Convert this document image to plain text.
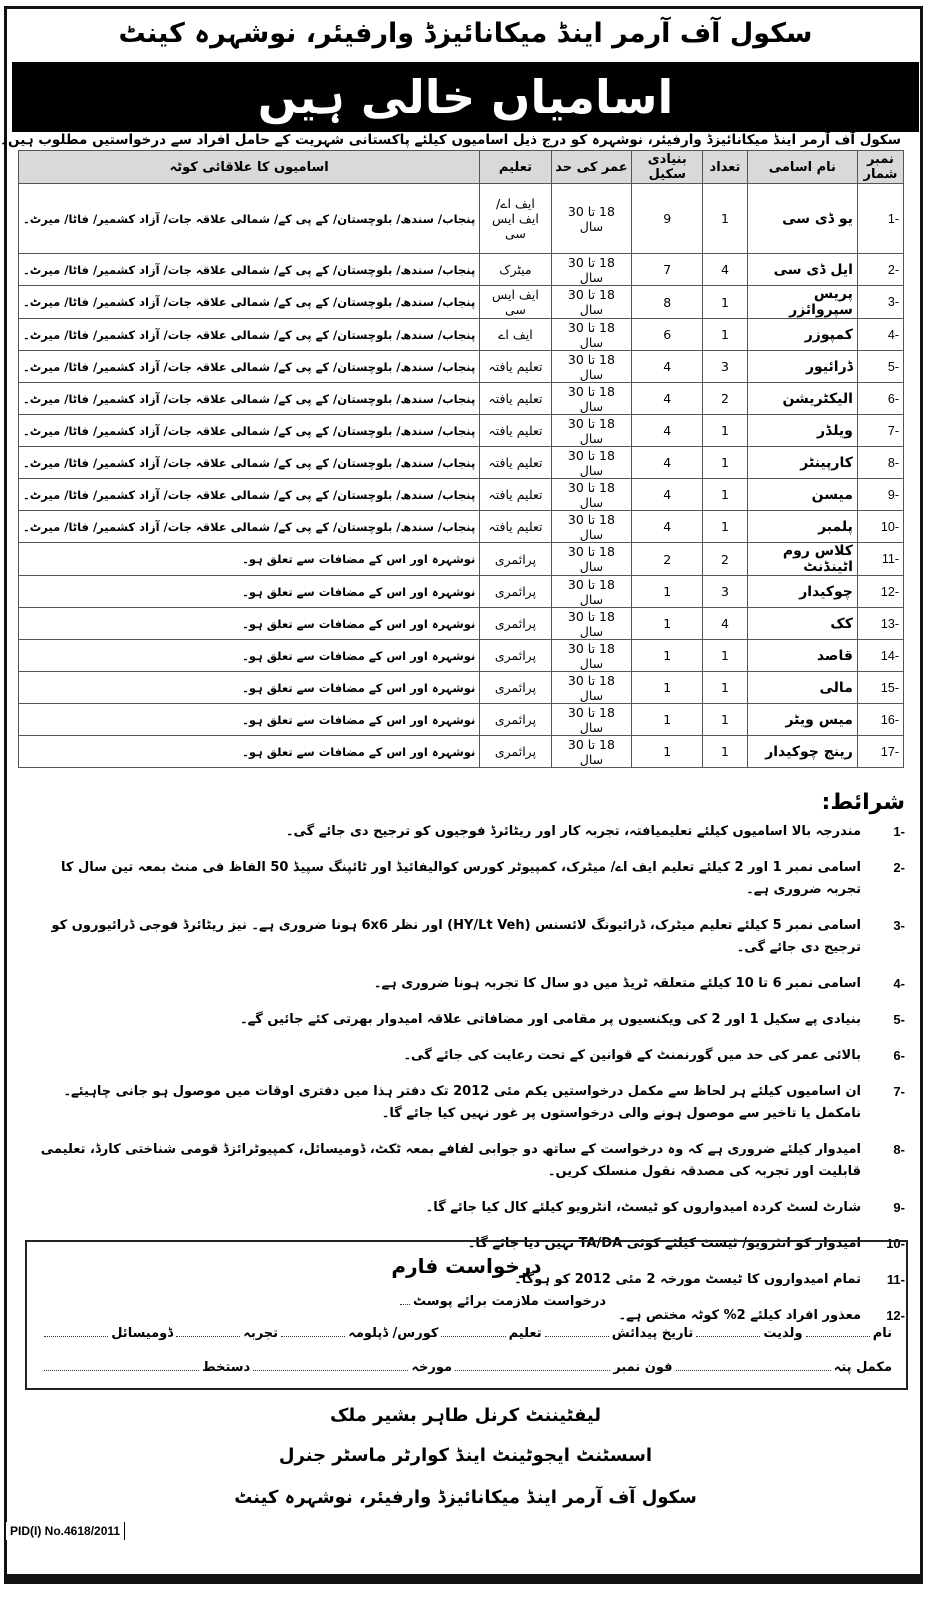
سکول آف آرمر اینڈ میکانائیزڈ وارفیئر، نوشہرہ کینٹ
اسامیاں خالی ہیں
سکول آف آرمر اینڈ میکانائیزڈ وارفیئر، نوشہرہ کو درج ذیل اسامیوں کیلئے پاکستانی شہریت کے حامل افراد سے درخواستیں مطلوب ہیں۔
نمبر شمار	نام اسامی	تعداد	بنیادی سکیل	عمر کی حد	تعلیم	اسامیوں کا علاقائی کوٹہ
-1	یو ڈی سی	1	9	18 تا 30 سال	ایف اے/ ایف ایس سی	پنجاب/ سندھ/ بلوچستان/ کے پی کے/ شمالی علاقہ جات/ آزاد کشمیر/ فاٹا/ میرٹ۔
-2	ایل ڈی سی	4	7	18 تا 30 سال	میٹرک	پنجاب/ سندھ/ بلوچستان/ کے پی کے/ شمالی علاقہ جات/ آزاد کشمیر/ فاٹا/ میرٹ۔
-3	پریس سپروائزر	1	8	18 تا 30 سال	ایف ایس سی	پنجاب/ سندھ/ بلوچستان/ کے پی کے/ شمالی علاقہ جات/ آزاد کشمیر/ فاٹا/ میرٹ۔
-4	کمپوزر	1	6	18 تا 30 سال	ایف اے	پنجاب/ سندھ/ بلوچستان/ کے پی کے/ شمالی علاقہ جات/ آزاد کشمیر/ فاٹا/ میرٹ۔
-5	ڈرائیور	3	4	18 تا 30 سال	تعلیم یافتہ	پنجاب/ سندھ/ بلوچستان/ کے پی کے/ شمالی علاقہ جات/ آزاد کشمیر/ فاٹا/ میرٹ۔
-6	الیکٹریشن	2	4	18 تا 30 سال	تعلیم یافتہ	پنجاب/ سندھ/ بلوچستان/ کے پی کے/ شمالی علاقہ جات/ آزاد کشمیر/ فاٹا/ میرٹ۔
-7	ویلڈر	1	4	18 تا 30 سال	تعلیم یافتہ	پنجاب/ سندھ/ بلوچستان/ کے پی کے/ شمالی علاقہ جات/ آزاد کشمیر/ فاٹا/ میرٹ۔
-8	کارپینٹر	1	4	18 تا 30 سال	تعلیم یافتہ	پنجاب/ سندھ/ بلوچستان/ کے پی کے/ شمالی علاقہ جات/ آزاد کشمیر/ فاٹا/ میرٹ۔
-9	میسن	1	4	18 تا 30 سال	تعلیم یافتہ	پنجاب/ سندھ/ بلوچستان/ کے پی کے/ شمالی علاقہ جات/ آزاد کشمیر/ فاٹا/ میرٹ۔
-10	پلمبر	1	4	18 تا 30 سال	تعلیم یافتہ	پنجاب/ سندھ/ بلوچستان/ کے پی کے/ شمالی علاقہ جات/ آزاد کشمیر/ فاٹا/ میرٹ۔
-11	کلاس روم اٹینڈنٹ	2	2	18 تا 30 سال	پرائمری	نوشہرہ اور اس کے مضافات سے تعلق ہو۔
-12	چوکیدار	3	1	18 تا 30 سال	پرائمری	نوشہرہ اور اس کے مضافات سے تعلق ہو۔
-13	کک	4	1	18 تا 30 سال	پرائمری	نوشہرہ اور اس کے مضافات سے تعلق ہو۔
-14	قاصد	1	1	18 تا 30 سال	پرائمری	نوشہرہ اور اس کے مضافات سے تعلق ہو۔
-15	مالی	1	1	18 تا 30 سال	پرائمری	نوشہرہ اور اس کے مضافات سے تعلق ہو۔
-16	میس ویٹر	1	1	18 تا 30 سال	پرائمری	نوشہرہ اور اس کے مضافات سے تعلق ہو۔
-17	رینج چوکیدار	1	1	18 تا 30 سال	پرائمری	نوشہرہ اور اس کے مضافات سے تعلق ہو۔
شرائط:
-1
مندرجہ بالا اسامیوں کیلئے تعلیمیافتہ، تجربہ کار اور ریٹائرڈ فوجیوں کو ترجیح دی جائے گی۔
-2
اسامی نمبر 1 اور 2 کیلئے تعلیم ایف اے/ میٹرک، کمپیوٹر کورس کوالیفائیڈ اور ٹائپنگ سپیڈ 50 الفاظ فی منٹ بمعہ تین سال کا تجربہ ضروری ہے۔
-3
اسامی نمبر 5 کیلئے تعلیم میٹرک، ڈرائیونگ لائسنس (HY/Lt Veh) اور نظر 6x6 ہونا ضروری ہے۔ نیز ریٹائرڈ فوجی ڈرائیوروں کو ترجیح دی جائے گی۔
-4
اسامی نمبر 6 تا 10 کیلئے متعلقہ ٹریڈ میں دو سال کا تجربہ ہونا ضروری ہے۔
-5
بنیادی پے سکیل 1 اور 2 کی ویکنسیوں پر مقامی اور مضافاتی علاقہ امیدوار بھرتی کئے جائیں گے۔
-6
بالائی عمر کی حد میں گورنمنٹ کے قوانین کے تحت رعایت کی جائے گی۔
-7
ان اسامیوں کیلئے ہر لحاظ سے مکمل درخواستیں یکم مئی 2012 تک دفتر ہذا میں دفتری اوقات میں موصول ہو جانی چاہیئے۔ نامکمل یا تاخیر سے موصول ہونے والی درخواستوں پر غور نہیں کیا جائے گا۔
-8
امیدوار کیلئے ضروری ہے کہ وہ درخواست کے ساتھ دو جوابی لفافے بمعہ ٹکٹ، ڈومیسائل، کمپیوٹرائزڈ قومی شناختی کارڈ، تعلیمی قابلیت اور تجربہ کی مصدقہ نقول منسلک کریں۔
-9
شارٹ لسٹ کردہ امیدواروں کو ٹیسٹ، انٹرویو کیلئے کال کیا جائے گا۔
-10
امیدوار کو انٹرویو/ ٹیسٹ کیلئے کوئی TA/DA نہیں دیا جائے گا۔
-11
تمام امیدواروں کا ٹیسٹ مورخہ 2 مئی 2012 کو ہوگا۔
-12
معذور افراد کیلئے 2% کوٹہ مختص ہے۔
درخواست فارم
درخواست ملازمت برائے پوسٹ
نام
ولدیت
تاریخ پیدائش
تعلیم
کورس/ ڈپلومہ
تجربہ
ڈومیسائل
مکمل پتہ
فون نمبر
مورخہ
دستخط
لیفٹیننٹ کرنل طاہر بشیر ملک
اسسٹنٹ ایجوٹینٹ اینڈ کوارٹر ماسٹر جنرل
سکول آف آرمر اینڈ میکانائیزڈ وارفیئر، نوشہرہ کینٹ
PID(I) No.4618/2011
